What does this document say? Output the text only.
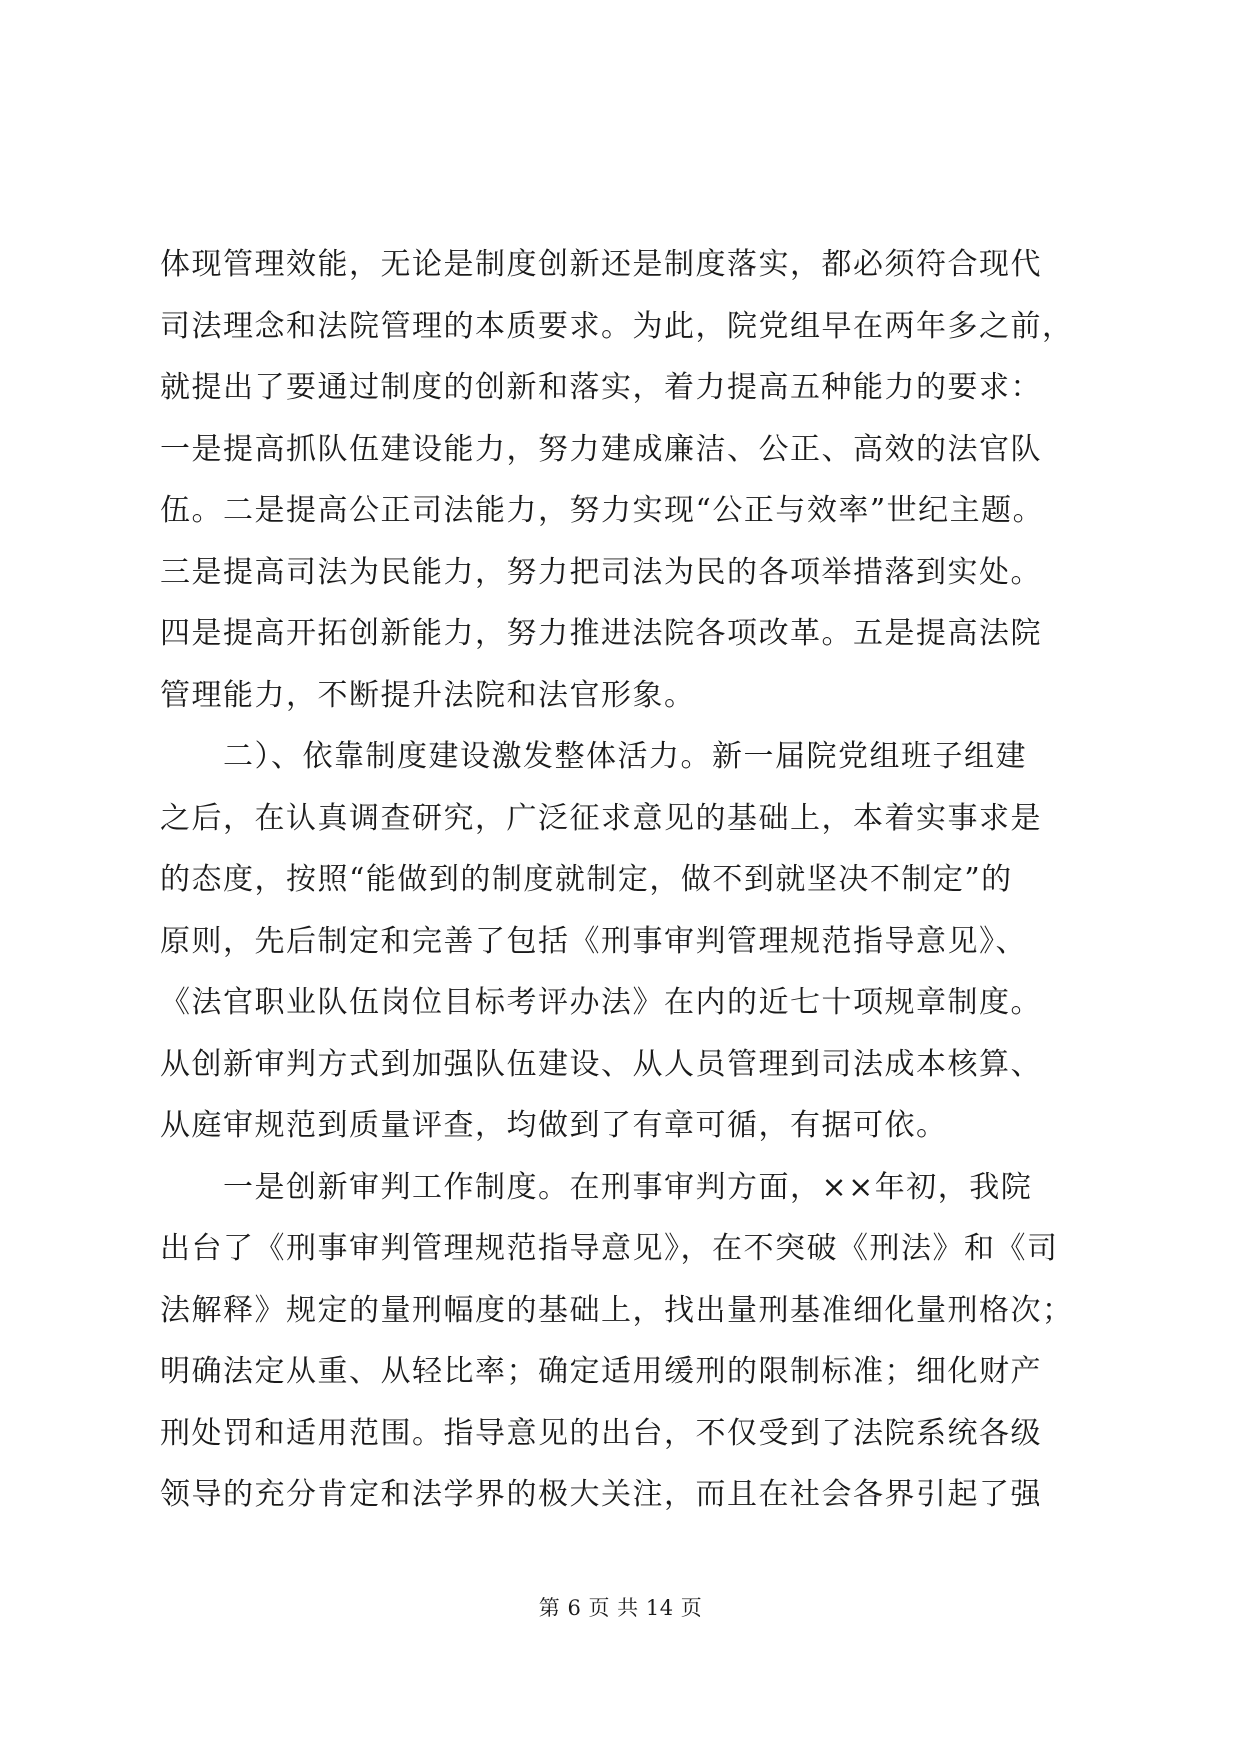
体现管理效能，无论是制度创新还是制度落实，都必须符合现代
司法理念和法院管理的本质要求。为此，院党组早在两年多之前，
就提出了要通过制度的创新和落实，着力提高五种能力的要求：
一是提高抓队伍建设能力，努力建成廉洁、公正、高效的法官队
伍。二是提高公正司法能力，努力实现“公正与效率”世纪主题。
三是提高司法为民能力，努力把司法为民的各项举措落到实处。
四是提高开拓创新能力，努力推进法院各项改革。五是提高法院
管理能力，不断提升法院和法官形象。
　　二）、依靠制度建设激发整体活力。新一届院党组班子组建
之后，在认真调查研究，广泛征求意见的基础上，本着实事求是
的态度，按照“能做到的制度就制定，做不到就坚决不制定”的
原则，先后制定和完善了包括《刑事审判管理规范指导意见》、
《法官职业队伍岗位目标考评办法》在内的近七十项规章制度。
从创新审判方式到加强队伍建设、从人员管理到司法成本核算、
从庭审规范到质量评查，均做到了有章可循，有据可依。
　　一是创新审判工作制度。在刑事审判方面，××年初，我院
出台了《刑事审判管理规范指导意见》，在不突破《刑法》和《司
法解释》规定的量刑幅度的基础上，找出量刑基准细化量刑格次；
明确法定从重、从轻比率；确定适用缓刑的限制标准；细化财产
刑处罚和适用范围。指导意见的出台，不仅受到了法院系统各级
领导的充分肯定和法学界的极大关注，而且在社会各界引起了强
第 6 页 共 14 页
